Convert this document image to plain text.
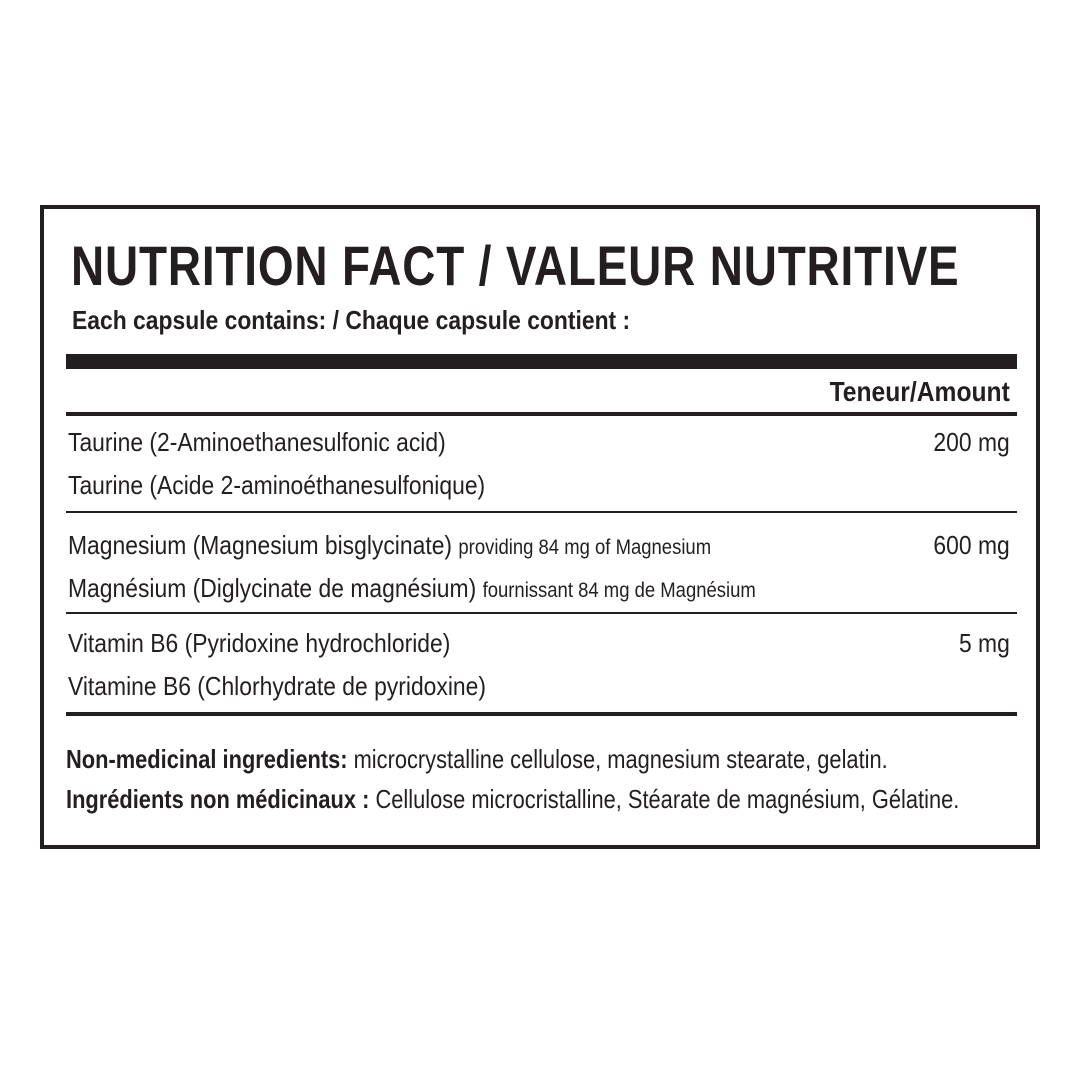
NUTRITION FACT / VALEUR NUTRITIVE

Each capsule contains: / Chaque capsule contient :

Teneur/Amount
Taurine (2-Aminoethanesulfonic acid)
Taurine (Acide 2-aminoéthanesulfonique)
200 mg
Magnesium (Magnesium bisglycinate) providing 84 mg of Magnesium
Magnésium (Diglycinate de magnésium) fournissant 84 mg de Magnésium
600 mg
Vitamin B6 (Pyridoxine hydrochloride)
Vitamine B6 (Chlorhydrate de pyridoxine)
5 mg
Non-medicinal ingredients: microcrystalline cellulose, magnesium stearate, gelatin.
Ingrédients non médicinaux : Cellulose microcristalline, Stéarate de magnésium, Gélatine.
